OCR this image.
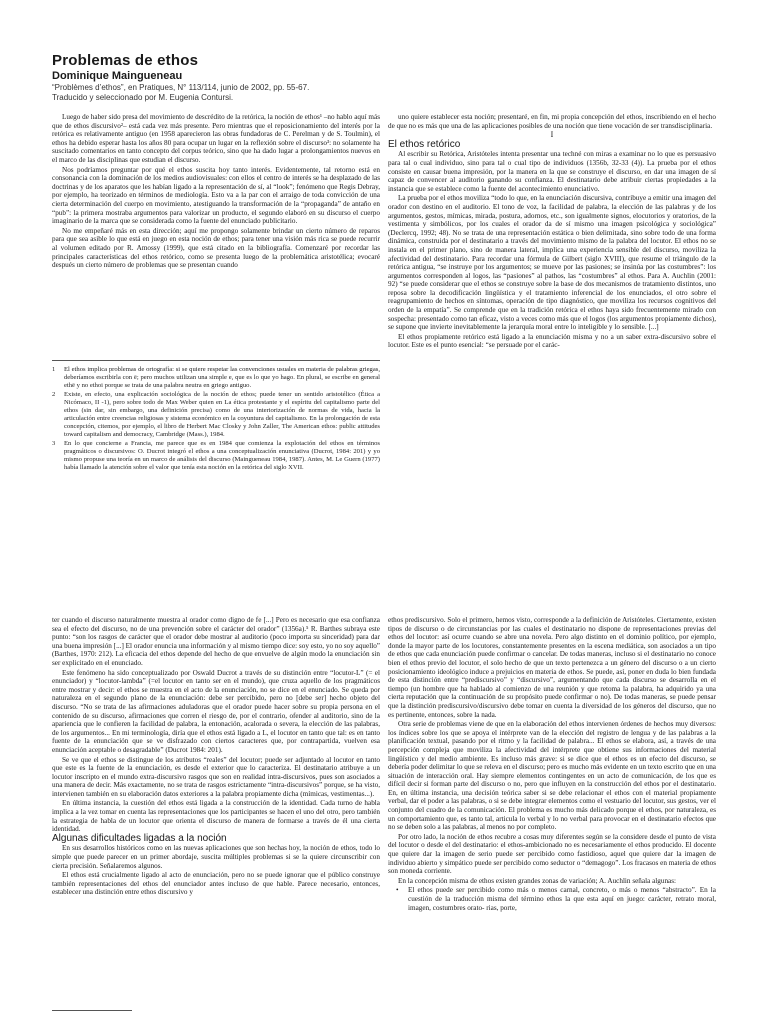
Problemas de ethos
Dominique Maingueneau
“Problèmes d’ethos”, en Pratiques, N° 113/114, junio de 2002, pp. 55-67.
Traducido y seleccionado por M. Eugenia Contursi.

Luego de haber sido presa del movimiento de descrédito de la retórica, la noción de ethos¹ –no hablo aquí más que de ethos discursivo²– está cada vez más presente. Pero mientras que el reposicionamiento del interés por la retórica es relativamente antiguo (en 1958 aparecieron las obras fundadoras de C. Perelman y de S. Toulmin), el ethos ha debido esperar hasta los años 80 para ocupar un lugar en la reflexión sobre el discurso³: no solamente ha suscitado comentarios en tanto concepto del corpus teórico, sino que ha dado lugar a prolongamientos nuevos en el marco de las disciplinas que estudian el discurso.

Nos podríamos preguntar por qué el ethos suscita hoy tanto interés. Evidentemente, tal retorno está en consonancia con la dominación de los medios audiovisuales: con ellos el centro de interés se ha desplazado de las doctrinas y de los aparatos que les habían ligado a la representación de sí, al “look”; fenómeno que Regis Debray, por ejemplo, ha teorizado en términos de mediología. Esto va a la par con el arraigo de toda convicción de una cierta determinación del cuerpo en movimiento, atestiguando la transformación de la “propaganda” de antaño en “pub”: la primera mostraba argumentos para valorizar un producto, el segundo elaboró en su discurso el cuerpo imaginario de la marca que se considerada como la fuente del enunciado publicitario.

No me empeñaré más en esta dirección; aquí me propongo solamente brindar un cierto número de reparos para que sea asible lo que está en juego en esta noción de ethos; para tener una visión más rica se puede recurrir al volumen editado por R. Amossy (1999), que está citado en la bibliografía. Comenzaré por recordar las principales características del ethos retórico, como se presenta luego de la problemática aristotélica; evocaré después un cierto número de problemas que se presentan cuando

1 El ethos implica problemas de ortografía: si se quiere respetar las convenciones usuales en materia de palabras griegas, deberíamos escribirla con ē; pero muchos utilizan una simple e, que es lo que yo hago. En plural, se escribe en general ethē y no ethoi porque se trata de una palabra neutra en griego antiguo.
2 Existe, en efecto, una explicación sociológica de la noción de ethos; puede tener un sentido aristotélico (Ética a Nicómaco, II -1), pero sobre todo de Max Weber quien en La ética protestante y el espíritu del capitalismo parte del ethos (sin dar, sin embargo, una definición precisa) como de una interiorización de normas de vida, hacia la articulación entre creencias religiosas y sistema económico en la coyuntura del capitalismo. En la prolongación de esta concepción, citemos, por ejemplo, el libro de Herbert Mac Closky y John Zaller, The American ethos: public attitudes toward capitalism and democracy, Cambridge (Mass.), 1984.
3 En lo que concierne a Francia, me parece que es en 1984 que comienza la explotación del ethos en términos pragmáticos o discursivos: O. Ducrot integró el ethos a una conceptualización enunciativa (Ducrot, 1984: 201) y yo mismo propuse una teoría en un marco de análisis del discurso (Maingueneau 1984, 1987). Antes, M. Le Guern (1977) había llamado la atención sobre el valor que tenía esta noción en la retórica del siglo XVII.

uno quiere establecer esta noción; presentaré, en fin, mi propia concepción del ethos, inscribiendo en el hecho de que no es más que una de las aplicaciones posibles de una noción que tiene vocación de ser transdisciplinaria.

I

El ethos retórico

Al escribir su Retórica, Aristóteles intenta presentar una techné con miras a examinar no lo que es persuasivo para tal o cual individuo, sino para tal o cual tipo de individuos (1356b, 32-33 (4)). La prueba por el ethos consiste en causar buena impresión, por la manera en la que se construye el discurso, en dar una imagen de sí capaz de convencer al auditorio ganando su confianza. El destinatario debe atribuir ciertas propiedades a la instancia que se establece como la fuente del acontecimiento enunciativo.

La prueba por el ethos moviliza “todo lo que, en la enunciación discursiva, contribuye a emitir una imagen del orador con destino en el auditorio. El tono de voz, la facilidad de palabra, la elección de las palabras y de los argumentos, gestos, mímicas, mirada, postura, adornos, etc., son igualmente signos, elocutorios y oratorios, de la vestimenta y simbólicos, por los cuales el orador da de sí mismo una imagen psicológica y sociológica” (Declercq, 1992; 48). No se trata de una representación estática o bien delimitada, sino sobre todo de una forma dinámica, construida por el destinatario a través del movimiento mismo de la palabra del locutor. El ethos no se instala en el primer plano, sino de manera lateral, implica una experiencia sensible del discurso, moviliza la afectividad del destinatario. Para recordar una fórmula de Gilbert (siglo XVIII), que resume el triángulo de la retórica antigua, “se instruye por los argumentos; se mueve por las pasiones; se insinúa por las costumbres”: los argumentos corresponden al logos, las “pasiones” al pathos, las “costumbres” al ethos. Para A. Auchlin (2001: 92) “se puede considerar que el ethos se construye sobre la base de dos mecanismos de tratamiento distintos, uno reposa sobre la decodificación lingüística y el tratamiento inferencial de los enunciados, el otro sobre el reagrupamiento de hechos en síntomas, operación de tipo diagnóstico, que moviliza los recursos cognitivos del orden de la empatía”. Se comprende que en la tradición retórica el ethos haya sido frecuentemente mirado con sospecha: presentado como tan eficaz, visto a veces como más que el logos (los argumentos propiamente dichos), se supone que invierte inevitablemente la jerarquía moral entre lo inteligible y lo sensible. [...]

El ethos propiamente retórico está ligado a la enunciación misma y no a un saber extra-discursivo sobre el locutor. Este es el punto esencial: “se persuade por el carác-

ter cuando el discurso naturalmente muestra al orador como digno de fe [...] Pero es necesario que esa confianza sea el efecto del discurso, no de una prevención sobre el carácter del orador” (1356a).⁵ R. Barthes subraya este punto: “son los rasgos de carácter que el orador debe mostrar al auditorio (poco importa su sinceridad) para dar una buena impresión [...] El orador enuncia una información y al mismo tiempo dice: soy esto, yo no soy aquello” (Barthes, 1970: 212). La eficacia del ethos depende del hecho de que envuelve de algún modo la enunciación sin ser explicitado en el enunciado.

Este fenómeno ha sido conceptualizado por Oswald Ducrot a través de su distinción entre “locutor-L” (= el enunciador) y “locutor-lambda” (=el locutor en tanto ser en el mundo), que cruza aquello de los pragmáticos entre mostrar y decir: el ethos se muestra en el acto de la enunciación, no se dice en el enunciado. Se queda por naturaleza en el segundo plano de la enunciación: debe ser percibido, pero no [debe ser] hecho objeto del discurso. “No se trata de las afirmaciones aduladoras que el orador puede hacer sobre su propia persona en el contenido de su discurso, afirmaciones que corren el riesgo de, por el contrario, ofender al auditorio, sino de la apariencia que le confieren la facilidad de palabra, la entonación, acalorada o severa, la elección de las palabras, de los argumentos... En mi terminología, diría que el ethos está ligado a L, el locutor en tanto que tal: es en tanto fuente de la enunciación que se ve disfrazado con ciertos caracteres que, por contrapartida, vuelven esa enunciación aceptable o desagradable” (Ducrot 1984: 201).

Se ve que el ethos se distingue de los atributos “reales” del locutor; puede ser adjuntado al locutor en tanto que este es la fuente de la enunciación, es desde el exterior que lo caracteriza. El destinatario atribuye a un locutor inscripto en el mundo extra-discursivo rasgos que son en realidad intra-discursivos, pues son asociados a una manera de decir. Más exactamente, no se trata de rasgos estrictamente “intra-discursivos” porque, se ha visto, intervienen también en su elaboración datos exteriores a la palabra propiamente dicha (mímicas, vestimentas...).

En última instancia, la cuestión del ethos está ligada a la construcción de la identidad. Cada turno de habla implica a la vez tomar en cuenta las representaciones que los participantes se hacen el uno del otro, pero también la estrategia de habla de un locutor que orienta el discurso de manera de formarse a través de él una cierta identidad.

Algunas dificultades ligadas a la noción

En sus desarrollos históricos como en las nuevas aplicaciones que son hechas hoy, la noción de ethos, todo lo simple que puede parecer en un primer abordaje, suscita múltiples problemas si se la quiere circunscribir con cierta precisión. Señalaremos algunos.

El ethos está crucialmente ligado al acto de enunciación, pero no se puede ignorar que el público construye también representaciones del ethos del enunciador antes incluso de que hable. Parece necesario, entonces, establecer una distinción entre ethos discursivo y

ethos prediscursivo. Solo el primero, hemos visto, corresponde a la definición de Aristóteles. Ciertamente, existen tipos de discurso o de circunstancias por las cuales el destinatario no dispone de representaciones previas del ethos del locutor: así ocurre cuando se abre una novela. Pero algo distinto en el dominio político, por ejemplo, donde la mayor parte de los locutores, constantemente presentes en la escena mediática, son asociados a un tipo de ethos que cada enunciación puede confirmar o cancelar. De todas maneras, incluso si el destinatario no conoce bien el ethos previo del locutor, el solo hecho de que un texto pertenezca a un género del discurso o a un cierto posicionamiento ideológico induce a prejuicios en materia de ethos. Se puede, así, poner en duda lo bien fundada de esta distinción entre “prediscursivo” y “discursivo”, argumentando que cada discurso se desarrolla en el tiempo (un hombre que ha hablado al comienzo de una reunión y que retoma la palabra, ha adquirido ya una cierta reputación que la continuación de su propósito puede confirmar o no). De todas maneras, se puede pensar que la distinción prediscursivo/discursivo debe tomar en cuenta la diversidad de los géneros del discurso, que no es pertinente, entonces, sobre la nada.

Otra serie de problemas viene de que en la elaboración del ethos intervienen órdenes de hechos muy diversos: los índices sobre los que se apoya el intérprete van de la elección del registro de lengua y de las palabras a la planificación textual, pasando por el ritmo y la facilidad de palabra... El ethos se elabora, así, a través de una percepción compleja que moviliza la afectividad del intérprete que obtiene sus informaciones del material lingüístico y del medio ambiente. Es incluso más grave: si se dice que el ethos es un efecto del discurso, se debería poder delimitar lo que se releva en el discurso; pero es mucho más evidente en un texto escrito que en una situación de interacción oral. Hay siempre elementos contingentes en un acto de comunicación, de los que es difícil decir si forman parte del discurso o no, pero que influyen en la construcción del ethos por el destinatario. En, en última instancia, una decisión teórica saber si se debe relacionar el ethos con el material propiamente verbal, dar el poder a las palabras, o si se debe integrar elementos como el vestuario del locutor, sus gestos, ver el conjunto del cuadro de la comunicación. El problema es mucho más delicado porque el ethos, por naturaleza, es un comportamiento que, es tanto tal, articula lo verbal y lo no verbal para provocar en el destinatario efectos que no se deben solo a las palabras, al menos no por completo.

Por otro lado, la noción de ethos recubre a cosas muy diferentes según se la considere desde el punto de vista del locutor o desde el del destinatario: el ethos-ambicionado no es necesariamente el ethos producido. El docente que quiere dar la imagen de serio puede ser percibido como fastidioso, aquel que quiere dar la imagen de individuo abierto y simpático puede ser percibido como seductor o “demagogo”. Los fracasos en materia de ethos son moneda corriente.

En la concepción misma de ethos existen grandes zonas de variación; A. Auchlin señala algunas:

• El ethos puede ser percibido como más o menos carnal, concreto, o más o menos “abstracto”. En la cuestión de la traducción misma del término ethos la que esta aquí en juego: carácter, retrato moral, imagen, costumbres orato- rias, porte,
